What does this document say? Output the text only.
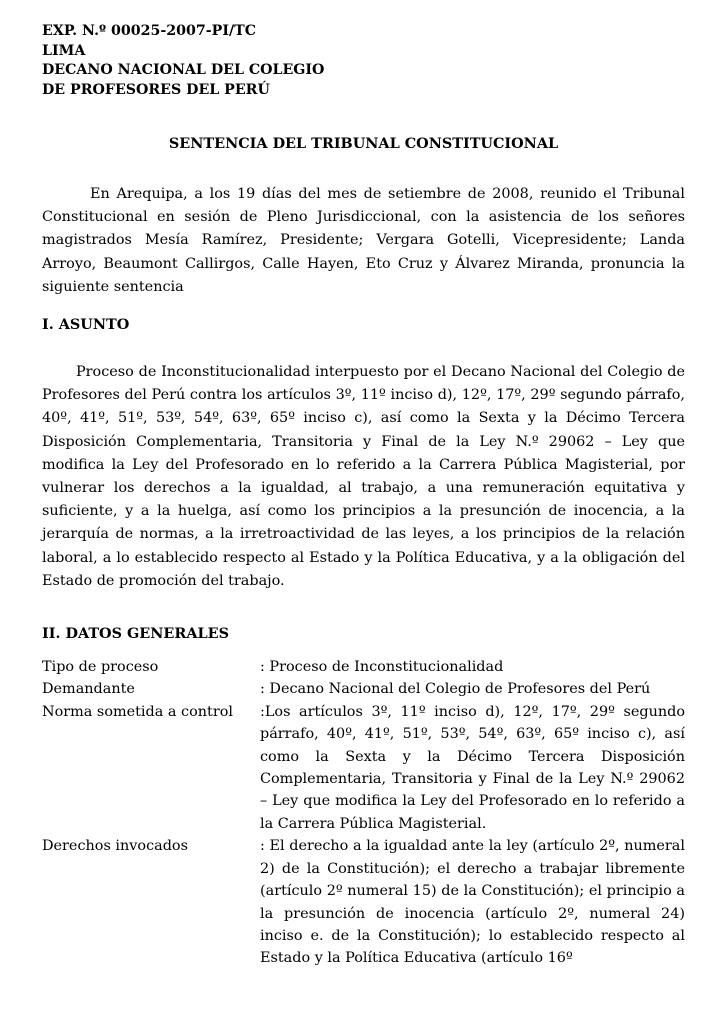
EXP. N.º 00025-2007-PI/TC

LIMA

DECANO NACIONAL DEL COLEGIO

DE PROFESORES DEL PERÚ

SENTENCIA DEL TRIBUNAL CONSTITUCIONAL

En Arequipa, a los 19 días del mes de setiembre de 2008, reunido el Tribunal Constitucional en sesión de Pleno Jurisdiccional, con la asistencia de los señores magistrados Mesía Ramírez, Presidente; Vergara Gotelli, Vicepresidente; Landa Arroyo, Beaumont Callirgos, Calle Hayen, Eto Cruz y Álvarez Miranda, pronuncia la siguiente sentencia

I. ASUNTO

Proceso de Inconstitucionalidad interpuesto por el Decano Nacional del Colegio de Profesores del Perú contra los artículos 3º, 11º inciso d), 12º, 17º, 29º segundo párrafo, 40º, 41º, 51º, 53º, 54º, 63º, 65º inciso c), así como la Sexta y la Décimo Tercera Disposición Complementaria, Transitoria y Final de la Ley N.º 29062 – Ley que modifica la Ley del Profesorado en lo referido a la Carrera Pública Magisterial, por vulnerar los derechos a la igualdad, al trabajo, a una remuneración equitativa y suficiente, y a la huelga, así como los principios a la presunción de inocencia, a la jerarquía de normas, a la irretroactividad de las leyes, a los principios de la relación laboral, a lo establecido respecto al Estado y la Política Educativa, y a la obligación del Estado de promoción del trabajo.

II. DATOS GENERALES

Tipo de proceso	: Proceso de Inconstitucionalidad
Demandante	: Decano Nacional del Colegio de Profesores del Perú
Norma sometida a control	:Los artículos 3º, 11º inciso d), 12º, 17º, 29º segundo párrafo, 40º, 41º, 51º, 53º, 54º, 63º, 65º inciso c), así como la Sexta y la Décimo Tercera Disposición Complementaria, Transitoria y Final de la Ley N.º 29062 – Ley que modifica la Ley del Profesorado en lo referido a la Carrera Pública Magisterial.
Derechos invocados	: El derecho a la igualdad ante la ley (artículo 2º, numeral 2) de la Constitución); el derecho a trabajar libremente (artículo 2º numeral 15) de la Constitución); el principio a la presunción de inocencia (artículo 2º, numeral 24) inciso e. de la Constitución); lo establecido respecto al Estado y la Política Educativa (artículo 16º
